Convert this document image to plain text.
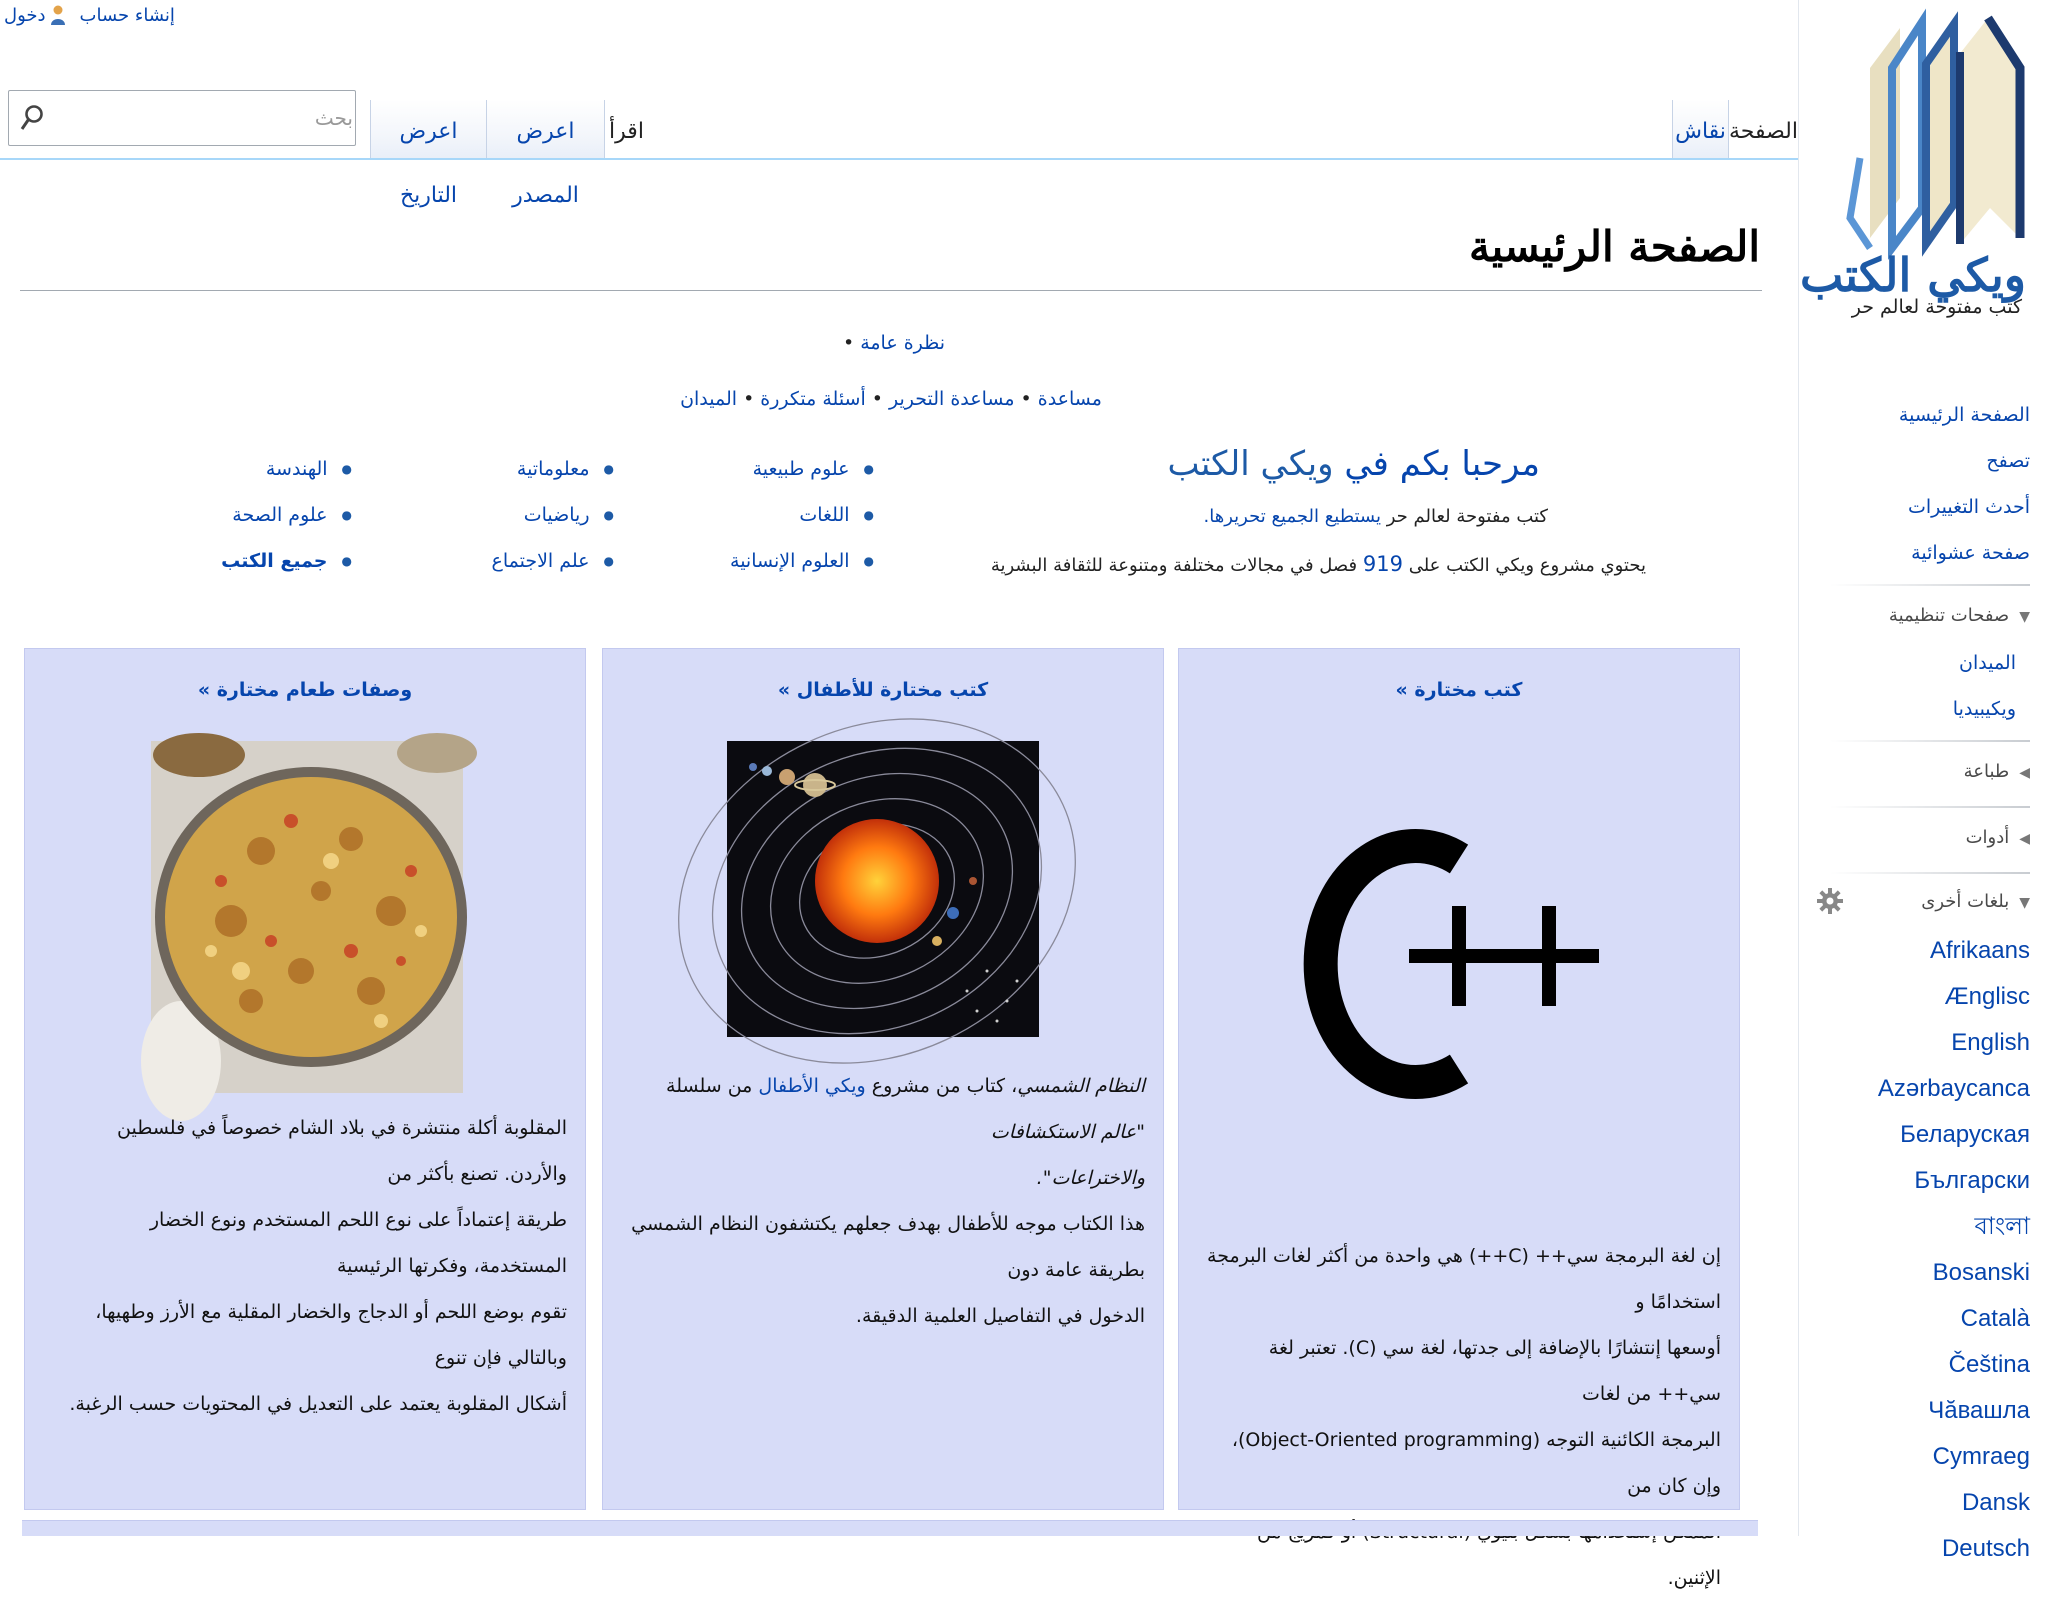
إنشاء حساب
دخول
الصفحة
نقاش
اقرأ
اعرض المصدر
اعرض التاريخ
بحث
ويكي الكتب
كتب مفتوحة لعالم حر
الصفحة الرئيسية
تصفح
أحدث التغييرات
صفحة عشوائية
▼صفحات تنظيمية
الميدان
ويكيبيديا
◀طباعة
◀أدوات
▼بلغات أخرى
Afrikaans
Ænglisc
English
Azərbaycanca
Беларуская
Български
বাংলা
Bosanski
Català
Čeština
Чӑвашла
Cymraeg
Dansk
Deutsch
الصفحة الرئيسية
نظرة عامة•
مساعدة•مساعدة التحرير•أسئلة متكررة•الميدان
مرحبا بكم في ويكي الكتب
كتب مفتوحة لعالم حر يستطيع الجميع تحريرها.
يحتوي مشروع ويكي الكتب على 919 فصل في مجالات مختلفة ومتنوعة للثقافة البشرية
● علوم طبيعية
● اللغات
● العلوم الإنسانية
● معلوماتية
● رياضيات
● علم الاجتماع
● الهندسة
● علوم الصحة
● جميع الكتب
كتب مختارة »
إن لغة البرمجة سي++ (C++) هي واحدة من أكثر لغات البرمجة استخدامًا و
أوسعها إنتشارًا بالإضافة إلى جدتها، لغة سي (C). تعتبر لغة سي++ من لغات
البرمجة الكائنية التوجه (Object-Oriented programming)، وإن كان من
الإثنين.
كتب مختارة للأطفال »
النظام الشمسي، كتاب من مشروع ويكي الأطفال من سلسلة "عالم الاستكشافات
والاختراعات".
هذا الكتاب موجه للأطفال بهدف جعلهم يكتشفون النظام الشمسي بطريقة عامة دون
الدخول في التفاصيل العلمية الدقيقة.
وصفات طعام مختارة »
المقلوبة أكلة منتشرة في بلاد الشام خصوصاً في فلسطين والأردن. تصنع بأكثر من
طريقة إعتماداً على نوع اللحم المستخدم ونوع الخضار المستخدمة، وفكرتها الرئيسية
تقوم بوضع اللحم أو الدجاج والخضار المقلية مع الأرز وطهيها، وبالتالي فإن تنوع
أشكال المقلوبة يعتمد على التعديل في المحتويات حسب الرغبة.
